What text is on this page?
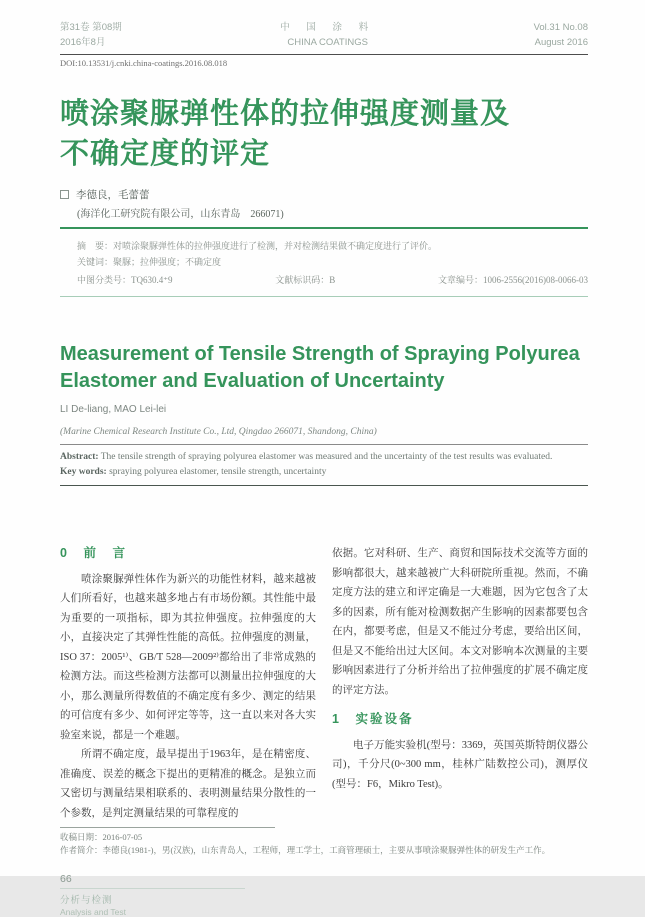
第31卷 第08期
2016年8月
中 国 涂 料
CHINA COATINGS
Vol.31 No.08
August 2016
DOI:10.13531/j.cnki.china-coatings.2016.08.018
喷涂聚脲弹性体的拉伸强度测量及
不确定度的评定
李德良，毛蕾蕾
(海洋化工研究院有限公司，山东青岛　266071)
摘　要：对喷涂聚脲弹性体的拉伸强度进行了检测，并对检测结果做不确定度进行了评价。
关键词：聚脲；拉伸强度；不确定度
中图分类号：TQ630.4⁺9	文献标识码：B	文章编号：1006-2556(2016)08-0066-03
Measurement of Tensile Strength of Spraying Polyurea
Elastomer and Evaluation of Uncertainty
LI De-liang, MAO Lei-lei
(Marine Chemical Research Institute Co., Ltd, Qingdao 266071, Shandong, China)
Abstract: The tensile strength of spraying polyurea elastomer was measured and the uncertainty of the test results was evaluated.
Key words: spraying polyurea elastomer, tensile strength, uncertainty
0　前　言
喷涂聚脲弹性体作为新兴的功能性材料，越来越被人们所看好，也越来越多地占有市场份额。其性能中最为重要的一项指标，即为其拉伸强度。拉伸强度的大小，直接决定了其弹性性能的高低。拉伸强度的测量，ISO 37：2005¹⁾、GB/T 528—2009²⁾都给出了非常成熟的检测方法。而这些检测方法都可以测量出拉伸强度的大小，那么测量所得数值的不确定度有多少、测定的结果的可信度有多少、如何评定等等，这一直以来对各大实验室来说，都是一个难题。
所谓不确定度，最早提出于1963年，是在精密度、准确度、误差的概念下提出的更精准的概念。是独立而又密切与测量结果相联系的、表明测量结果分散性的一个参数，是判定测量结果的可靠程度的
依据。它对科研、生产、商贸和国际技术交流等方面的影响都很大，越来越被广大科研院所重视。然而，不确定度方法的建立和评定确是一大难题，因为它包含了太多的因素，所有能对检测数据产生影响的因素都要包含在内，都要考虑，但是又不能过分考虑，要给出区间，但是又不能给出过大区间。本文对影响本次测量的主要影响因素进行了分析并给出了拉伸强度的扩展不确定度的评定方法。
1　实验设备
电子万能实验机(型号：3369，英国英斯特朗仪器公司)，千分尺(0~300 mm，桂林广陆数控公司)，测厚仪(型号：F6，Mikro Test)。
收稿日期：2016-07-05
作者简介：李德良(1981-)，男(汉族)，山东青岛人，工程师，理工学士，工商管理硕士，主要从事喷涂聚脲弹性体的研发生产工作。
66
分析与检测
Analysis and Test
